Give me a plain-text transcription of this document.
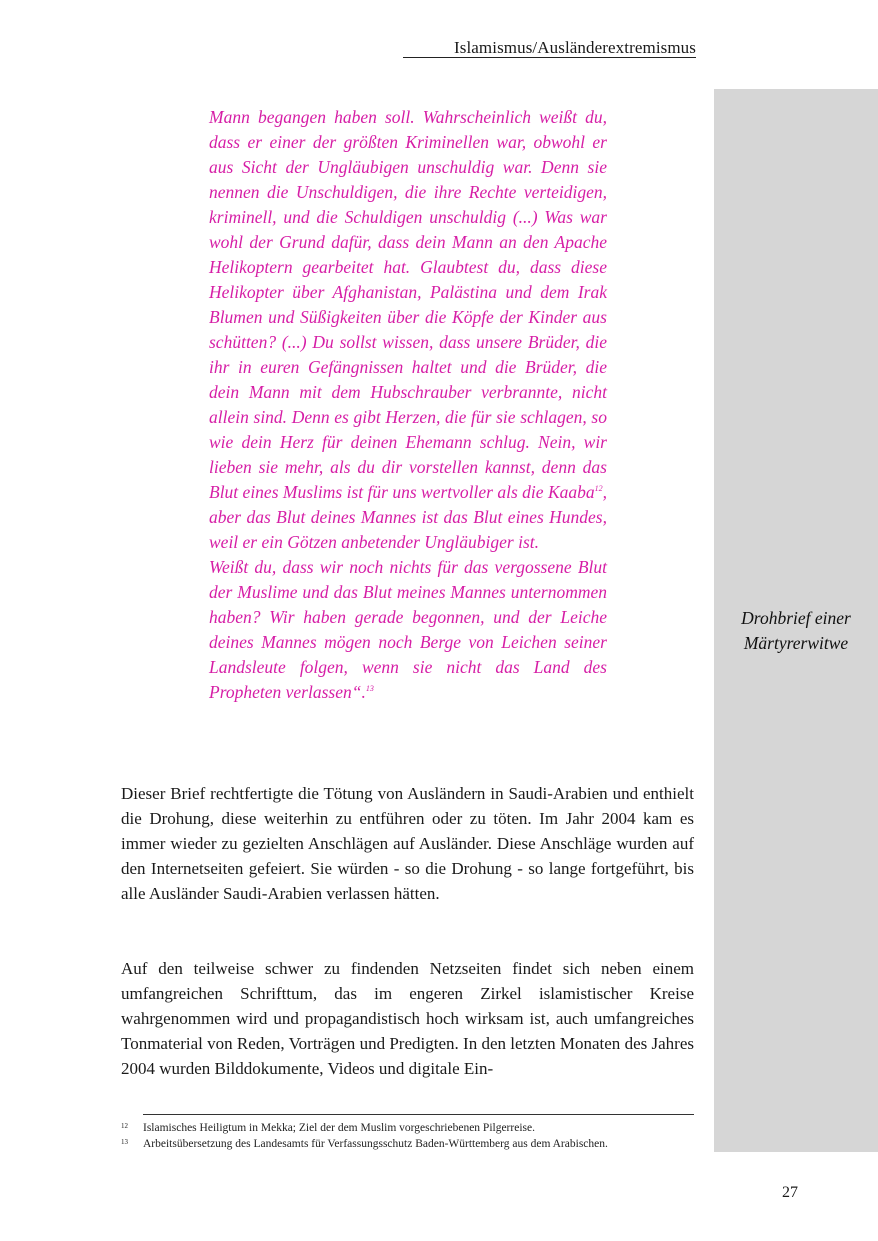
Islamismus/Ausländerextremismus
Drohbrief einer
Märtyrerwitwe

Mann begangen haben soll. Wahrscheinlich weißt du, dass er einer der größten Kriminellen war, obwohl er aus Sicht der Ungläubigen unschuldig war. Denn sie nennen die Unschuldigen, die ihre Rechte verteidigen, kriminell, und die Schuldigen unschuldig (...) Was war wohl der Grund dafür, dass dein Mann an den Apache Helikoptern gearbeitet hat. Glaubtest du, dass diese Helikopter über Afghanistan, Palästina und dem Irak Blumen und Süßigkeiten über die Köpfe der Kinder aus schütten? (...) Du sollst wissen, dass unsere Brüder, die ihr in euren Gefängnissen haltet und die Brüder, die dein Mann mit dem Hubschrauber verbrannte, nicht allein sind. Denn es gibt Herzen, die für sie schlagen, so wie dein Herz für deinen Ehemann schlug. Nein, wir lieben sie mehr, als du dir vorstellen kannst, denn das Blut eines Muslims ist für uns wertvoller als die Kaaba$^{12}$, aber das Blut deines Mannes ist das Blut eines Hundes, weil er ein Götzen anbetender Ungläubiger ist.

Weißt du, dass wir noch nichts für das vergossene Blut der Muslime und das Blut meines Mannes unternommen haben? Wir haben gerade begonnen, und der Leiche deines Mannes mögen noch Berge von Leichen seiner Landsleute folgen, wenn sie nicht das Land des Propheten verlassen“.$^{13}$

Dieser Brief rechtfertigte die Tötung von Ausländern in Saudi-Arabien und enthielt die Drohung, diese weiterhin zu entführen oder zu töten. Im Jahr 2004 kam es immer wieder zu gezielten Anschlägen auf Ausländer. Diese Anschläge wurden auf den Internetseiten gefeiert. Sie würden - so die Drohung - so lange fortgeführt, bis alle Ausländer Saudi-Arabien verlassen hätten.

Auf den teilweise schwer zu findenden Netzseiten findet sich neben einem umfangreichen Schrifttum, das im engeren Zirkel islamistischer Kreise wahrgenommen wird und propagandistisch hoch wirksam ist, auch umfangreiches Tonmaterial von Reden, Vorträgen und Predigten. In den letzten Monaten des Jahres 2004 wurden Bilddokumente, Videos und digitale Ein-

12 Islamisches Heiligtum in Mekka; Ziel der dem Muslim vorgeschriebenen Pilgerreise.
13 Arbeitsübersetzung des Landesamts für Verfassungsschutz Baden-Württemberg aus dem Arabischen.
27
